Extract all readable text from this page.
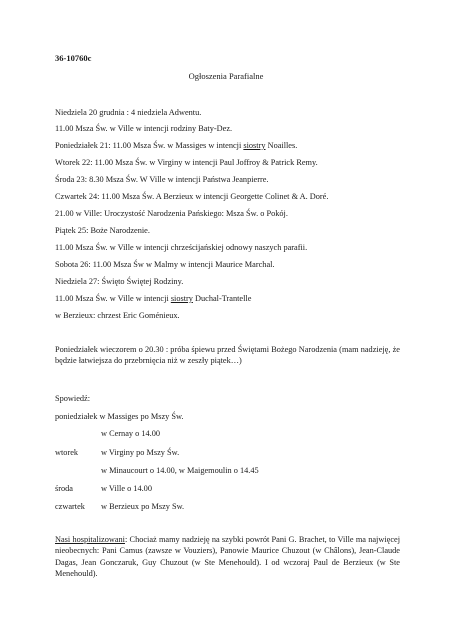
36-10760c
Ogłoszenia Parafialne
Niedziela 20 grudnia : 4 niedziela Adwentu.
11.00 Msza Św. w Ville w intencji rodziny Baty-Dez.
Poniedziałek 21: 11.00 Msza Św. w Massiges w intencji siostry Noailles.
Wtorek 22: 11.00 Msza Św. w Virginy w intencji Paul Joffroy & Patrick Remy.
Środa 23: 8.30 Msza Św. W Ville w intencji Państwa Jeanpierre.
Czwartek 24: 11.00 Msza Św. A Berzieux w intencji Georgette Colinet & A. Doré.
21.00 w Ville: Uroczystość Narodzenia Pańskiego: Msza Św. o Pokój.
Piątek 25: Boże Narodzenie.
11.00 Msza Św. w Ville w intencji chrześcijańskiej odnowy naszych parafii.
Sobota 26: 11.00 Msza Św w Malmy w intencji Maurice Marchal.
Niedziela 27: Święto Świętej Rodziny.
11.00 Msza Św. w Ville w intencji siostry Duchal-Trantelle
w Berzieux: chrzest Eric Goménieux.
Poniedziałek wieczorem o 20.30 : próba śpiewu przed Świętami Bożego Narodzenia (mam nadzieję, że będzie łatwiejsza do przebrnięcia niż w zeszły piątek…)
Spowiedź:
poniedziałek w Massiges po Mszy Św.
w Cernay o 14.00
wtorek	w Virginy po Mszy Św.
w Minaucourt o 14.00, w Maigemoulin o 14.45
środa	w Ville o 14.00
czwartek w Berzieux po Mszy Sw.
Nasi hospitalizowani: Chociaż mamy nadzieję na szybki powrót Pani G. Brachet, to Ville ma najwięcej nieobecnych: Pani Camus (zawsze w Vouziers), Panowie Maurice Chuzout (w Châlons), Jean-Claude Dagas, Jean Gonczaruk, Guy Chuzout (w Ste Menehould). I od wczoraj Paul de Berzieux (w Ste Menehould).
